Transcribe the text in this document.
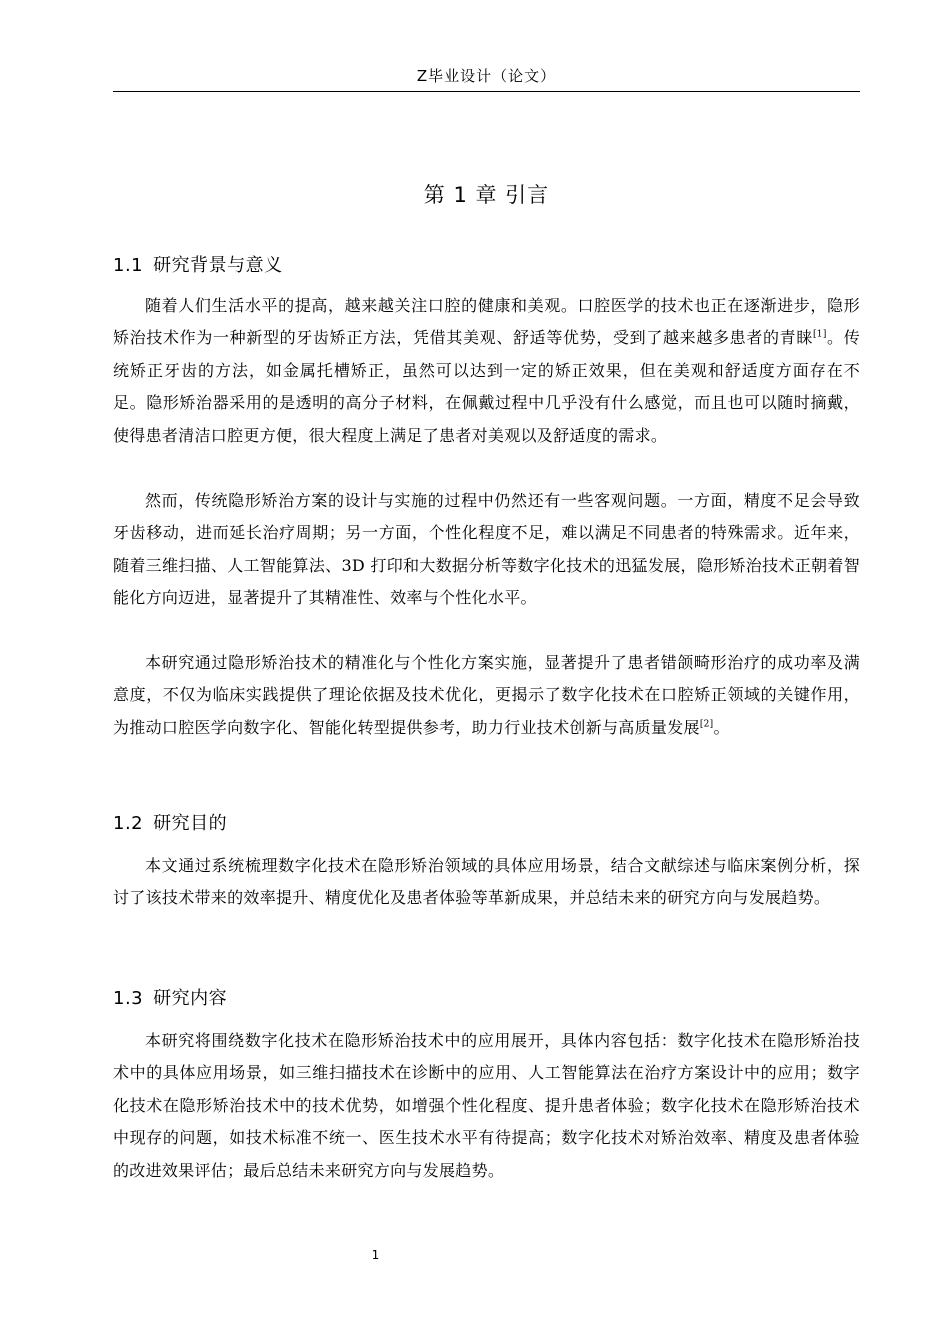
Z毕业设计（论文）
第 1 章 引言
1.1 研究背景与意义

随着人们生活水平的提高，越来越关注口腔的健康和美观。口腔医学的技术也正在逐渐进步，隐形矫治技术作为一种新型的牙齿矫正方法，凭借其美观、舒适等优势，受到了越来越多患者的青睐[1]。传统矫正牙齿的方法，如金属托槽矫正，虽然可以达到一定的矫正效果，但在美观和舒适度方面存在不足。隐形矫治器采用的是透明的高分子材料，在佩戴过程中几乎没有什么感觉，而且也可以随时摘戴，使得患者清洁口腔更方便，很大程度上满足了患者对美观以及舒适度的需求。

然而，传统隐形矫治方案的设计与实施的过程中仍然还有一些客观问题。一方面，精度不足会导致牙齿移动，进而延长治疗周期；另一方面，个性化程度不足，难以满足不同患者的特殊需求。近年来，随着三维扫描、人工智能算法、3D 打印和大数据分析等数字化技术的迅猛发展，隐形矫治技术正朝着智能化方向迈进，显著提升了其精准性、效率与个性化水平。

本研究通过隐形矫治技术的精准化与个性化方案实施，显著提升了患者错颌畸形治疗的成功率及满意度，不仅为临床实践提供了理论依据及技术优化，更揭示了数字化技术在口腔矫正领域的关键作用，为推动口腔医学向数字化、智能化转型提供参考，助力行业技术创新与高质量发展[2]。

1.2 研究目的

本文通过系统梳理数字化技术在隐形矫治领域的具体应用场景，结合文献综述与临床案例分析，探讨了该技术带来的效率提升、精度优化及患者体验等革新成果，并总结未来的研究方向与发展趋势。

1.3 研究内容

本研究将围绕数字化技术在隐形矫治技术中的应用展开，具体内容包括：数字化技术在隐形矫治技术中的具体应用场景，如三维扫描技术在诊断中的应用、人工智能算法在治疗方案设计中的应用；数字化技术在隐形矫治技术中的技术优势，如增强个性化程度、提升患者体验；数字化技术在隐形矫治技术中现存的问题，如技术标准不统一、医生技术水平有待提高；数字化技术对矫治效率、精度及患者体验的改进效果评估；最后总结未来研究方向与发展趋势。

1
